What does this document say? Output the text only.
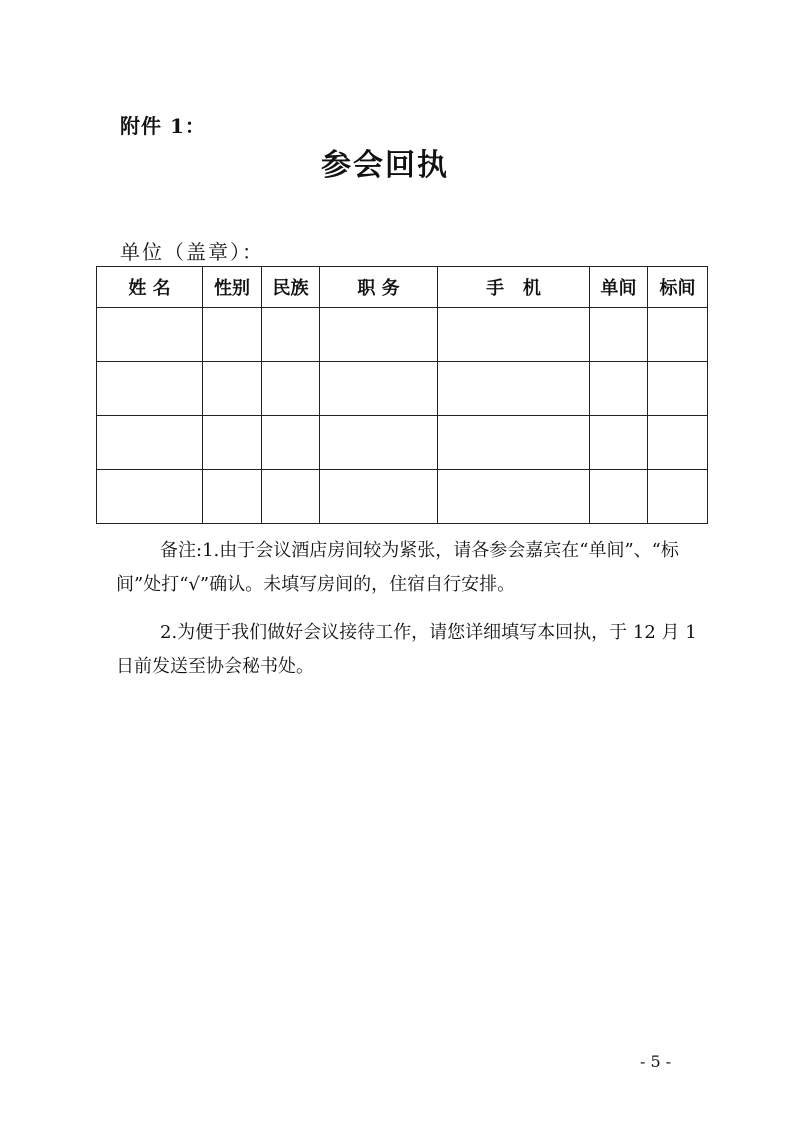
附件 1：
参会回执
单位（盖章）：
姓 名	性别	民族	职 务	手   机	单间	标间

备注:1.由于会议酒店房间较为紧张，请各参会嘉宾在“单间”、“标间”处打“√”确认。未填写房间的，住宿自行安排。

2.为便于我们做好会议接待工作，请您详细填写本回执，于 12 月 1 日前发送至协会秘书处。

- 5 -
